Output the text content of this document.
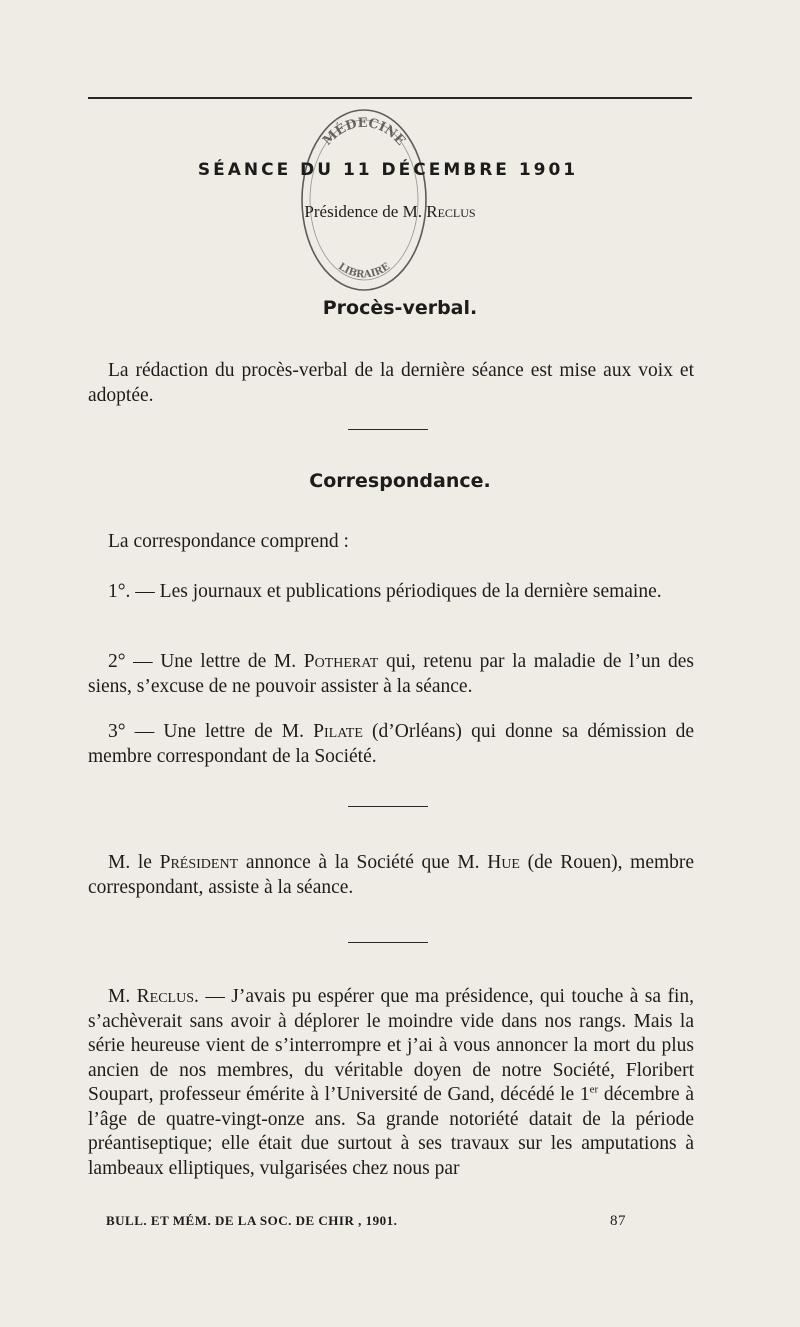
MÉDECINE
LIBRAIRE
SÉANCE DU 11 DÉCEMBRE 1901
Présidence de M. Reclus
Procès-verbal.

La rédaction du procès-verbal de la dernière séance est mise aux voix et adoptée.

Correspondance.

La correspondance comprend :

1°. — Les journaux et publications périodiques de la dernière semaine.

2° — Une lettre de M. Potherat qui, retenu par la maladie de l’un des siens, s’excuse de ne pouvoir assister à la séance.

3° — Une lettre de M. Pilate (d’Orléans) qui donne sa démission de membre correspondant de la Société.

M. le Président annonce à la Société que M. Hue (de Rouen), membre correspondant, assiste à la séance.

M. Reclus. — J’avais pu espérer que ma présidence, qui touche à sa fin, s’achèverait sans avoir à déplorer le moindre vide dans nos rangs. Mais la série heureuse vient de s’interrompre et j’ai à vous annoncer la mort du plus ancien de nos membres, du véritable doyen de notre Société, Floribert Soupart, professeur émérite à l’Université de Gand, décédé le 1er décembre à l’âge de quatre-vingt-onze ans. Sa grande notoriété datait de la période préantiseptique; elle était due surtout à ses travaux sur les amputations à lambeaux elliptiques, vulgarisées chez nous par

BULL. ET MÉM. DE LA SOC. DE CHIR , 1901.	87
